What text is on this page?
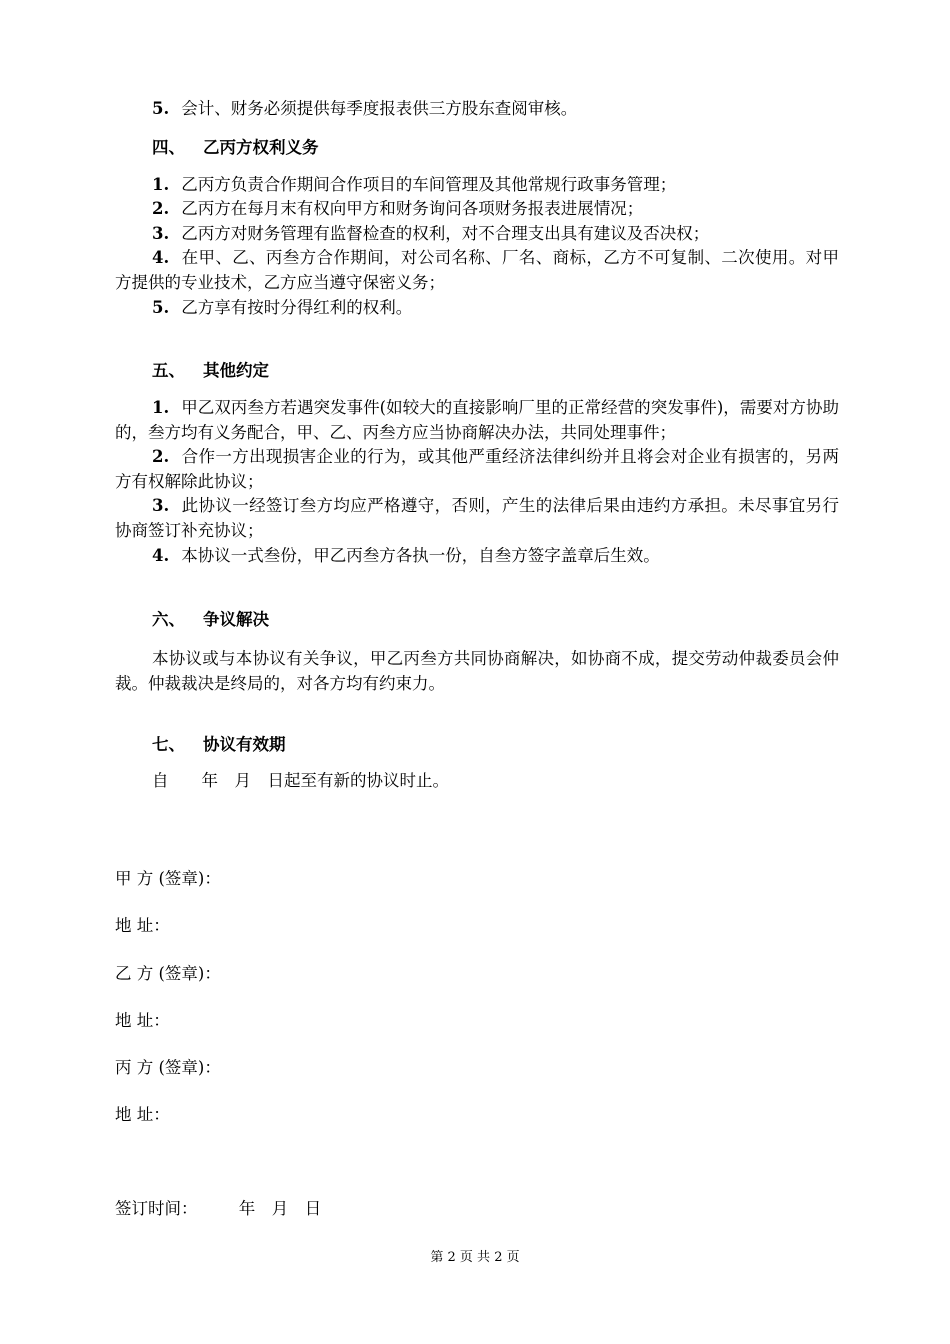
5. 会计、财务必须提供每季度报表供三方股东查阅审核。
四、 乙丙方权利义务
1. 乙丙方负责合作期间合作项目的车间管理及其他常规行政事务管理；
2. 乙丙方在每月末有权向甲方和财务询问各项财务报表进展情况；
3. 乙丙方对财务管理有监督检查的权利，对不合理支出具有建议及否决权；
4. 在甲、乙、丙叁方合作期间，对公司名称、厂名、商标，乙方不可复制、二次使用。对甲方提供的专业技术，乙方应当遵守保密义务；
5. 乙方享有按时分得红利的权利。
五、 其他约定
1. 甲乙双丙叁方若遇突发事件(如较大的直接影响厂里的正常经营的突发事件)，需要对方协助的，叁方均有义务配合，甲、乙、丙叁方应当协商解决办法，共同处理事件；
2. 合作一方出现损害企业的行为，或其他严重经济法律纠纷并且将会对企业有损害的，另两方有权解除此协议；
3. 此协议一经签订叁方均应严格遵守，否则，产生的法律后果由违约方承担。未尽事宜另行协商签订补充协议；
4. 本协议一式叁份，甲乙丙叁方各执一份，自叁方签字盖章后生效。
六、 争议解决
本协议或与本协议有关争议，甲乙丙叁方共同协商解决，如协商不成，提交劳动仲裁委员会仲裁。仲裁裁决是终局的，对各方均有约束力。
七、 协议有效期
自　　年　月　日起至有新的协议时止。
甲 方 (签章)：
地 址：
乙 方 (签章)：
地 址：
丙 方 (签章)：
地 址：
签订时间：　　　年　月　日
第 2 页 共 2 页
